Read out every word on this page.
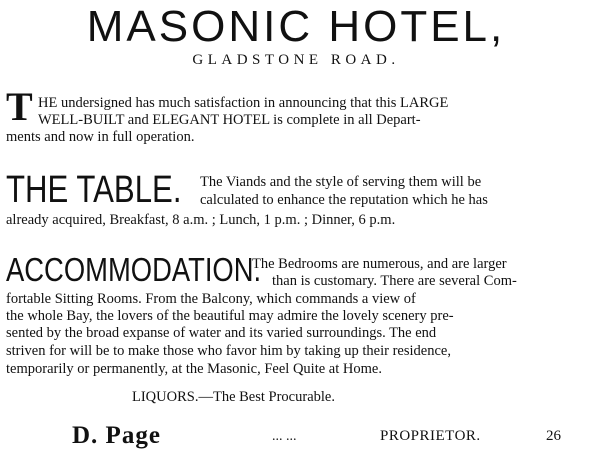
MASONIC HOTEL,
GLADSTONE ROAD.
T HE undersigned has much satisfaction in announcing that this LARGE
WELL-BUILT and ELEGANT HOTEL is complete in all Depart-
ments and now in full operation.
THE TABLE. The Viands and the style of serving them will be
calculated to enhance the reputation which he has
already acquired, Breakfast, 8 a.m. ; Lunch, 1 p.m. ; Dinner, 6 p.m.
ACCOMMODATION.
The Bedrooms are numerous, and are larger
than is customary. There are several Com-
fortable Sitting Rooms. From the Balcony, which commands a view of
the whole Bay, the lovers of the beautiful may admire the lovely scenery pre-
sented by the broad expanse of water and its varied surroundings. The end
striven for will be to make those who favor him by taking up their residence,
temporarily or permanently, at the Masonic, Feel Quite at Home.
LIQUORS.—The Best Procurable.
D. Page	... ...	PROPRIETOR.	26
